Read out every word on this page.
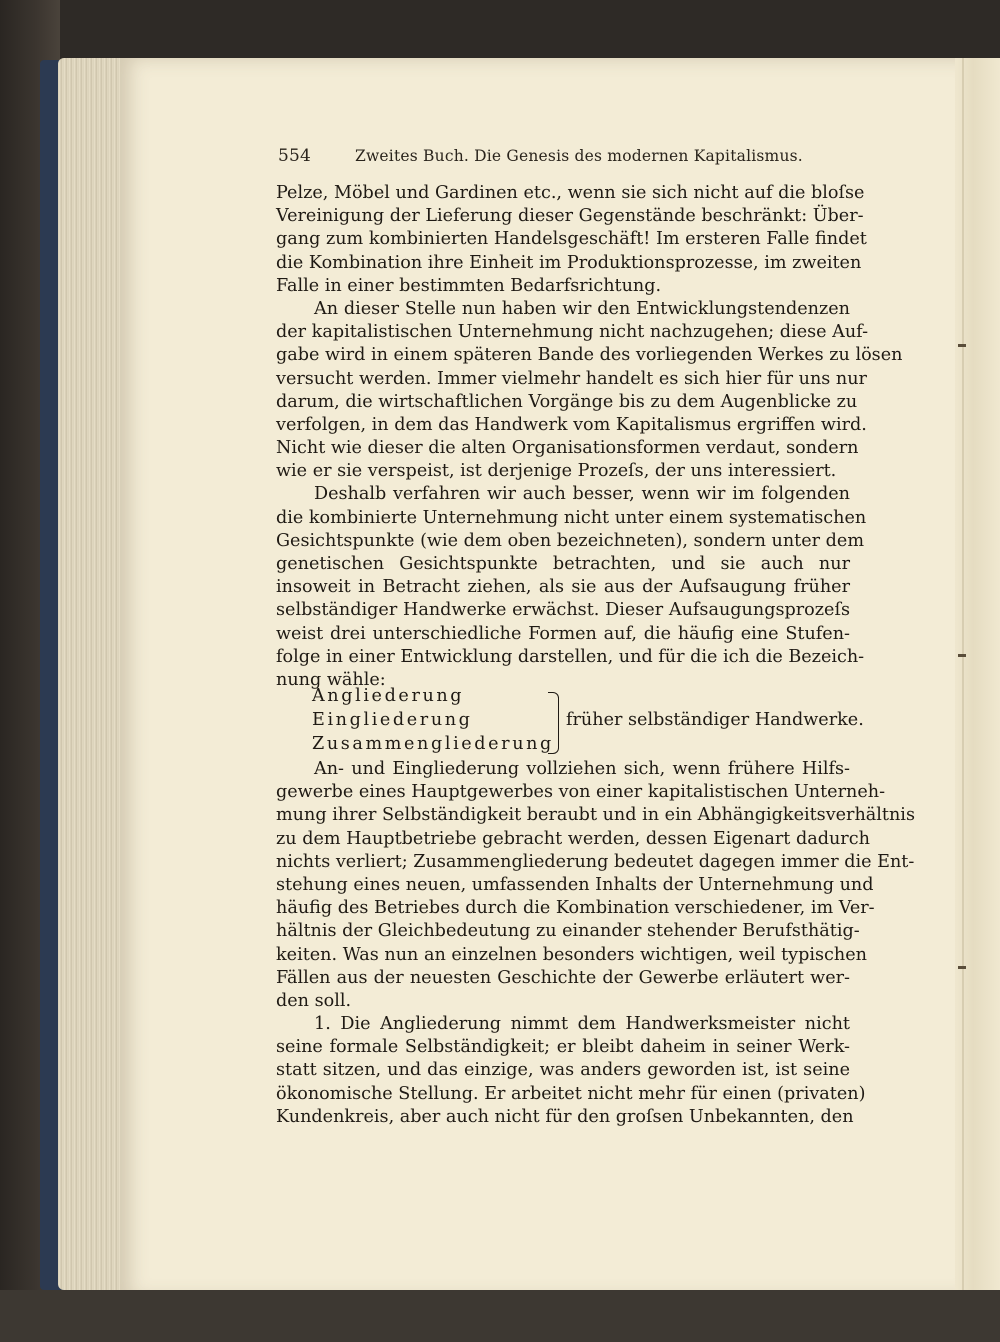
554	Zweites Buch. Die Genesis des modernen Kapitalismus.
Pelze, Möbel und Gardinen etc., wenn sie sich nicht auf die bloſse
Vereinigung der Lieferung dieser Gegenstände beschränkt: Über-
gang zum kombinierten Handelsgeschäft! Im ersteren Falle findet
die Kombination ihre Einheit im Produktionsprozesse, im zweiten
Falle in einer bestimmten Bedarfsrichtung.
An dieser Stelle nun haben wir den Entwicklungstendenzen
der kapitalistischen Unternehmung nicht nachzugehen; diese Auf-
gabe wird in einem späteren Bande des vorliegenden Werkes zu lösen
versucht werden. Immer vielmehr handelt es sich hier für uns nur
darum, die wirtschaftlichen Vorgänge bis zu dem Augenblicke zu
verfolgen, in dem das Handwerk vom Kapitalismus ergriffen wird.
Nicht wie dieser die alten Organisationsformen verdaut, sondern
wie er sie verspeist, ist derjenige Prozeſs, der uns interessiert.
Deshalb verfahren wir auch besser, wenn wir im folgenden
die kombinierte Unternehmung nicht unter einem systematischen
Gesichtspunkte (wie dem oben bezeichneten), sondern unter dem
genetischen Gesichtspunkte betrachten, und sie auch nur
insoweit in Betracht ziehen, als sie aus der Aufsaugung früher
selbständiger Handwerke erwächst. Dieser Aufsaugungsprozeſs
weist drei unterschiedliche Formen auf, die häufig eine Stufen-
folge in einer Entwicklung darstellen, und für die ich die Bezeich-
nung wähle:
Angliederung
Eingliederung
Zusammengliederung
früher selbständiger Handwerke.
An- und Eingliederung vollziehen sich, wenn frühere Hilfs-
gewerbe eines Hauptgewerbes von einer kapitalistischen Unterneh-
mung ihrer Selbständigkeit beraubt und in ein Abhängigkeitsverhältnis
zu dem Hauptbetriebe gebracht werden, dessen Eigenart dadurch
nichts verliert; Zusammengliederung bedeutet dagegen immer die Ent-
stehung eines neuen, umfassenden Inhalts der Unternehmung und
häufig des Betriebes durch die Kombination verschiedener, im Ver-
hältnis der Gleichbedeutung zu einander stehender Berufsthätig-
keiten. Was nun an einzelnen besonders wichtigen, weil typischen
Fällen aus der neuesten Geschichte der Gewerbe erläutert wer-
den soll.
1. Die Angliederung nimmt dem Handwerksmeister nicht
seine formale Selbständigkeit; er bleibt daheim in seiner Werk-
statt sitzen, und das einzige, was anders geworden ist, ist seine
ökonomische Stellung. Er arbeitet nicht mehr für einen (privaten)
Kundenkreis, aber auch nicht für den groſsen Unbekannten, den
